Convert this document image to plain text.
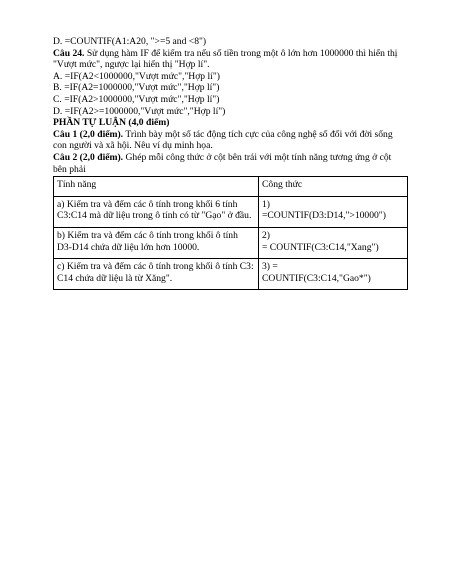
D. =COUNTIF(A1:A20, ">=5 and <8")
Câu 24. Sử dụng hàm IF để kiểm tra nếu số tiền trong một ô lớn hơn 1000000 thì hiển thị
"Vượt mức", ngược lại hiển thị "Hợp lí".
A. =IF(A2<1000000,"Vượt mức","Hợp lí")
B. =IF(A2=1000000,"Vượt mức","Hợp lí")
C. =IF(A2>1000000,"Vượt mức","Hợp lí")
D. =IF(A2>=1000000,"Vượt mức","Hợp lí")
PHẦN TỰ LUẬN (4,0 điểm)
Câu 1 (2,0 điểm). Trình bày một số tác động tích cực của công nghệ số đối với đời sống
con người và xã hội. Nêu ví dụ minh họa.
Câu 2 (2,0 điểm). Ghép mỗi công thức ở cột bên trái với một tính năng tương ứng ở cột
bên phải
Tính năng	Công thức
a) Kiểm tra và đếm các ô tính trong khối 6 tính C3:C14 mà dữ liệu trong ô tính có từ "Gạo" ở đầu.	1)
=COUNTIF(D3:D14,">10000")

b) Kiểm tra và đếm các ô tính trong khối ô tính D3-D14 chứa dữ liệu lớn hơn 10000.	2)
= COUNTIF(C3:C14,"Xang")

c) Kiểm tra và đếm các ô tính trong khối ô tính C3: C14 chứa dữ liệu là từ Xăng".	3) =
COUNTIF(C3:C14,"Gao*")
